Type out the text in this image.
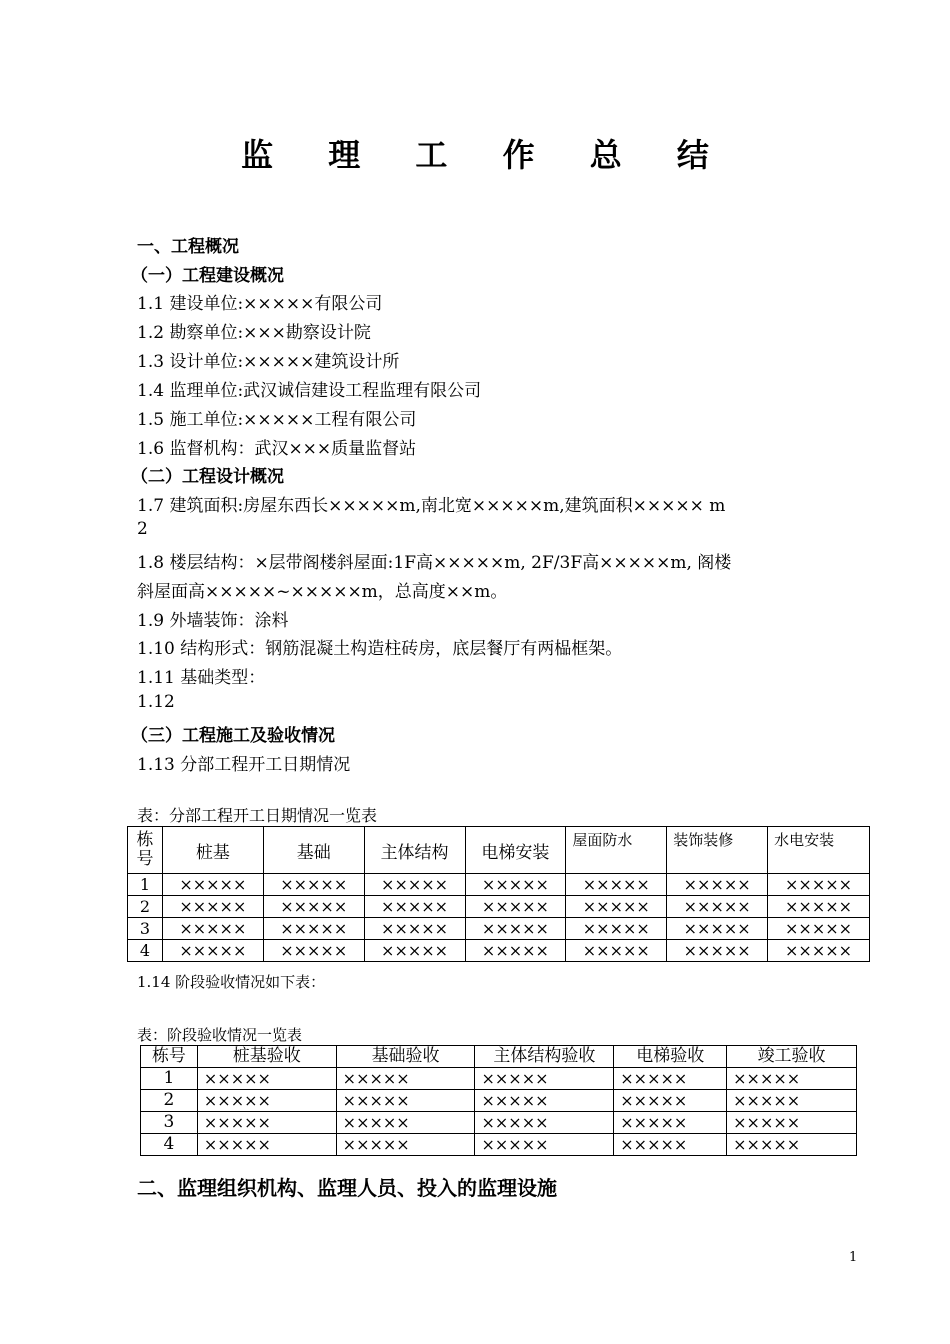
监 理 工 作 总 结
一、工程概况
（一）工程建设概况
1.1 建设单位:×××××有限公司
1.2 勘察单位:×××勘察设计院
1.3 设计单位:×××××建筑设计所
1.4 监理单位:武汉诚信建设工程监理有限公司
1.5 施工单位:×××××工程有限公司
1.6 监督机构：武汉×××质量监督站
（二）工程设计概况
1.7 建筑面积:房屋东西长×××××m,南北宽×××××m,建筑面积××××× m
2
1.8 楼层结构：×层带阁楼斜屋面:1F高×××××m, 2F/3F高×××××m, 阁楼
斜屋面高×××××~×××××m，总高度××m。
1.9 外墙装饰：涂料
1.10 结构形式：钢筋混凝土构造柱砖房，底层餐厅有两榀框架。
1.11 基础类型：
1.12
（三）工程施工及验收情况
1.13 分部工程开工日期情况
表：分部工程开工日期情况一览表
栋号	桩基	基础	主体结构	电梯安装	屋面防水	装饰装修	水电安装
1	×××××	×××××	×××××	×××××	×××××	×××××	×××××
2	×××××	×××××	×××××	×××××	×××××	×××××	×××××
3	×××××	×××××	×××××	×××××	×××××	×××××	×××××
4	×××××	×××××	×××××	×××××	×××××	×××××	×××××
1.14 阶段验收情况如下表：
表：阶段验收情况一览表
栋号	桩基验收	基础验收	主体结构验收	电梯验收	竣工验收
1	×××××	×××××	×××××	×××××	×××××
2	×××××	×××××	×××××	×××××	×××××
3	×××××	×××××	×××××	×××××	×××××
4	×××××	×××××	×××××	×××××	×××××
二、监理组织机构、监理人员、投入的监理设施
1
